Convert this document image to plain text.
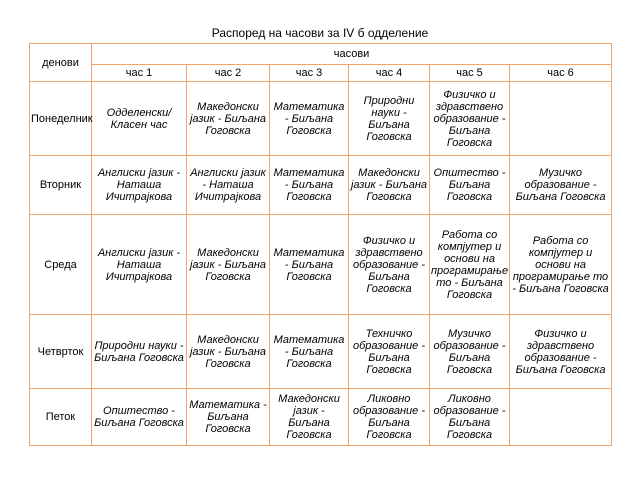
Распоред на часови за IV б одделение
денови	часови					
	час 1	час 2	час 3	час 4	час 5	час 6
Понеделник	Одделенски/Класен час	Македонски јазик - Биљана Гоговска	Математика - Биљана Гоговска	Природни науки - Биљана Гоговска	Физичко и здравствено образование - Биљана Гоговска	
Вторник	Англиски јазик - Наташа Ичитрајкова	Англиски јазик - Наташа Ичитрајкова	Математика - Биљана Гоговска	Македонски јазик - Биљана Гоговска	Општество - Биљана Гоговска	Музичко образование - Биљана Гоговска
Среда	Англиски јазик - Наташа Ичитрајкова	Македонски јазик - Биљана Гоговска	Математика - Биљана Гоговска	Физичко и здравствено образование - Биљана Гоговска	Работа со компјутер и основи на програмирање то - Биљана Гоговска	Работа со компјутер и основи на програмирање то - Биљана Гоговска
Четврток	Природни науки - Биљана Гоговска	Македонски јазик - Биљана Гоговска	Математика - Биљана Гоговска	Техничко образование - Биљана Гоговска	Музичко образование - Биљана Гоговска	Физичко и здравствено образование - Биљана Гоговска
Петок	Општество - Биљана Гоговска	Математика - Биљана Гоговска	Македонски јазик - Биљана Гоговска	Ликовно образование - Биљана Гоговска	Ликовно образование - Биљана Гоговска	
